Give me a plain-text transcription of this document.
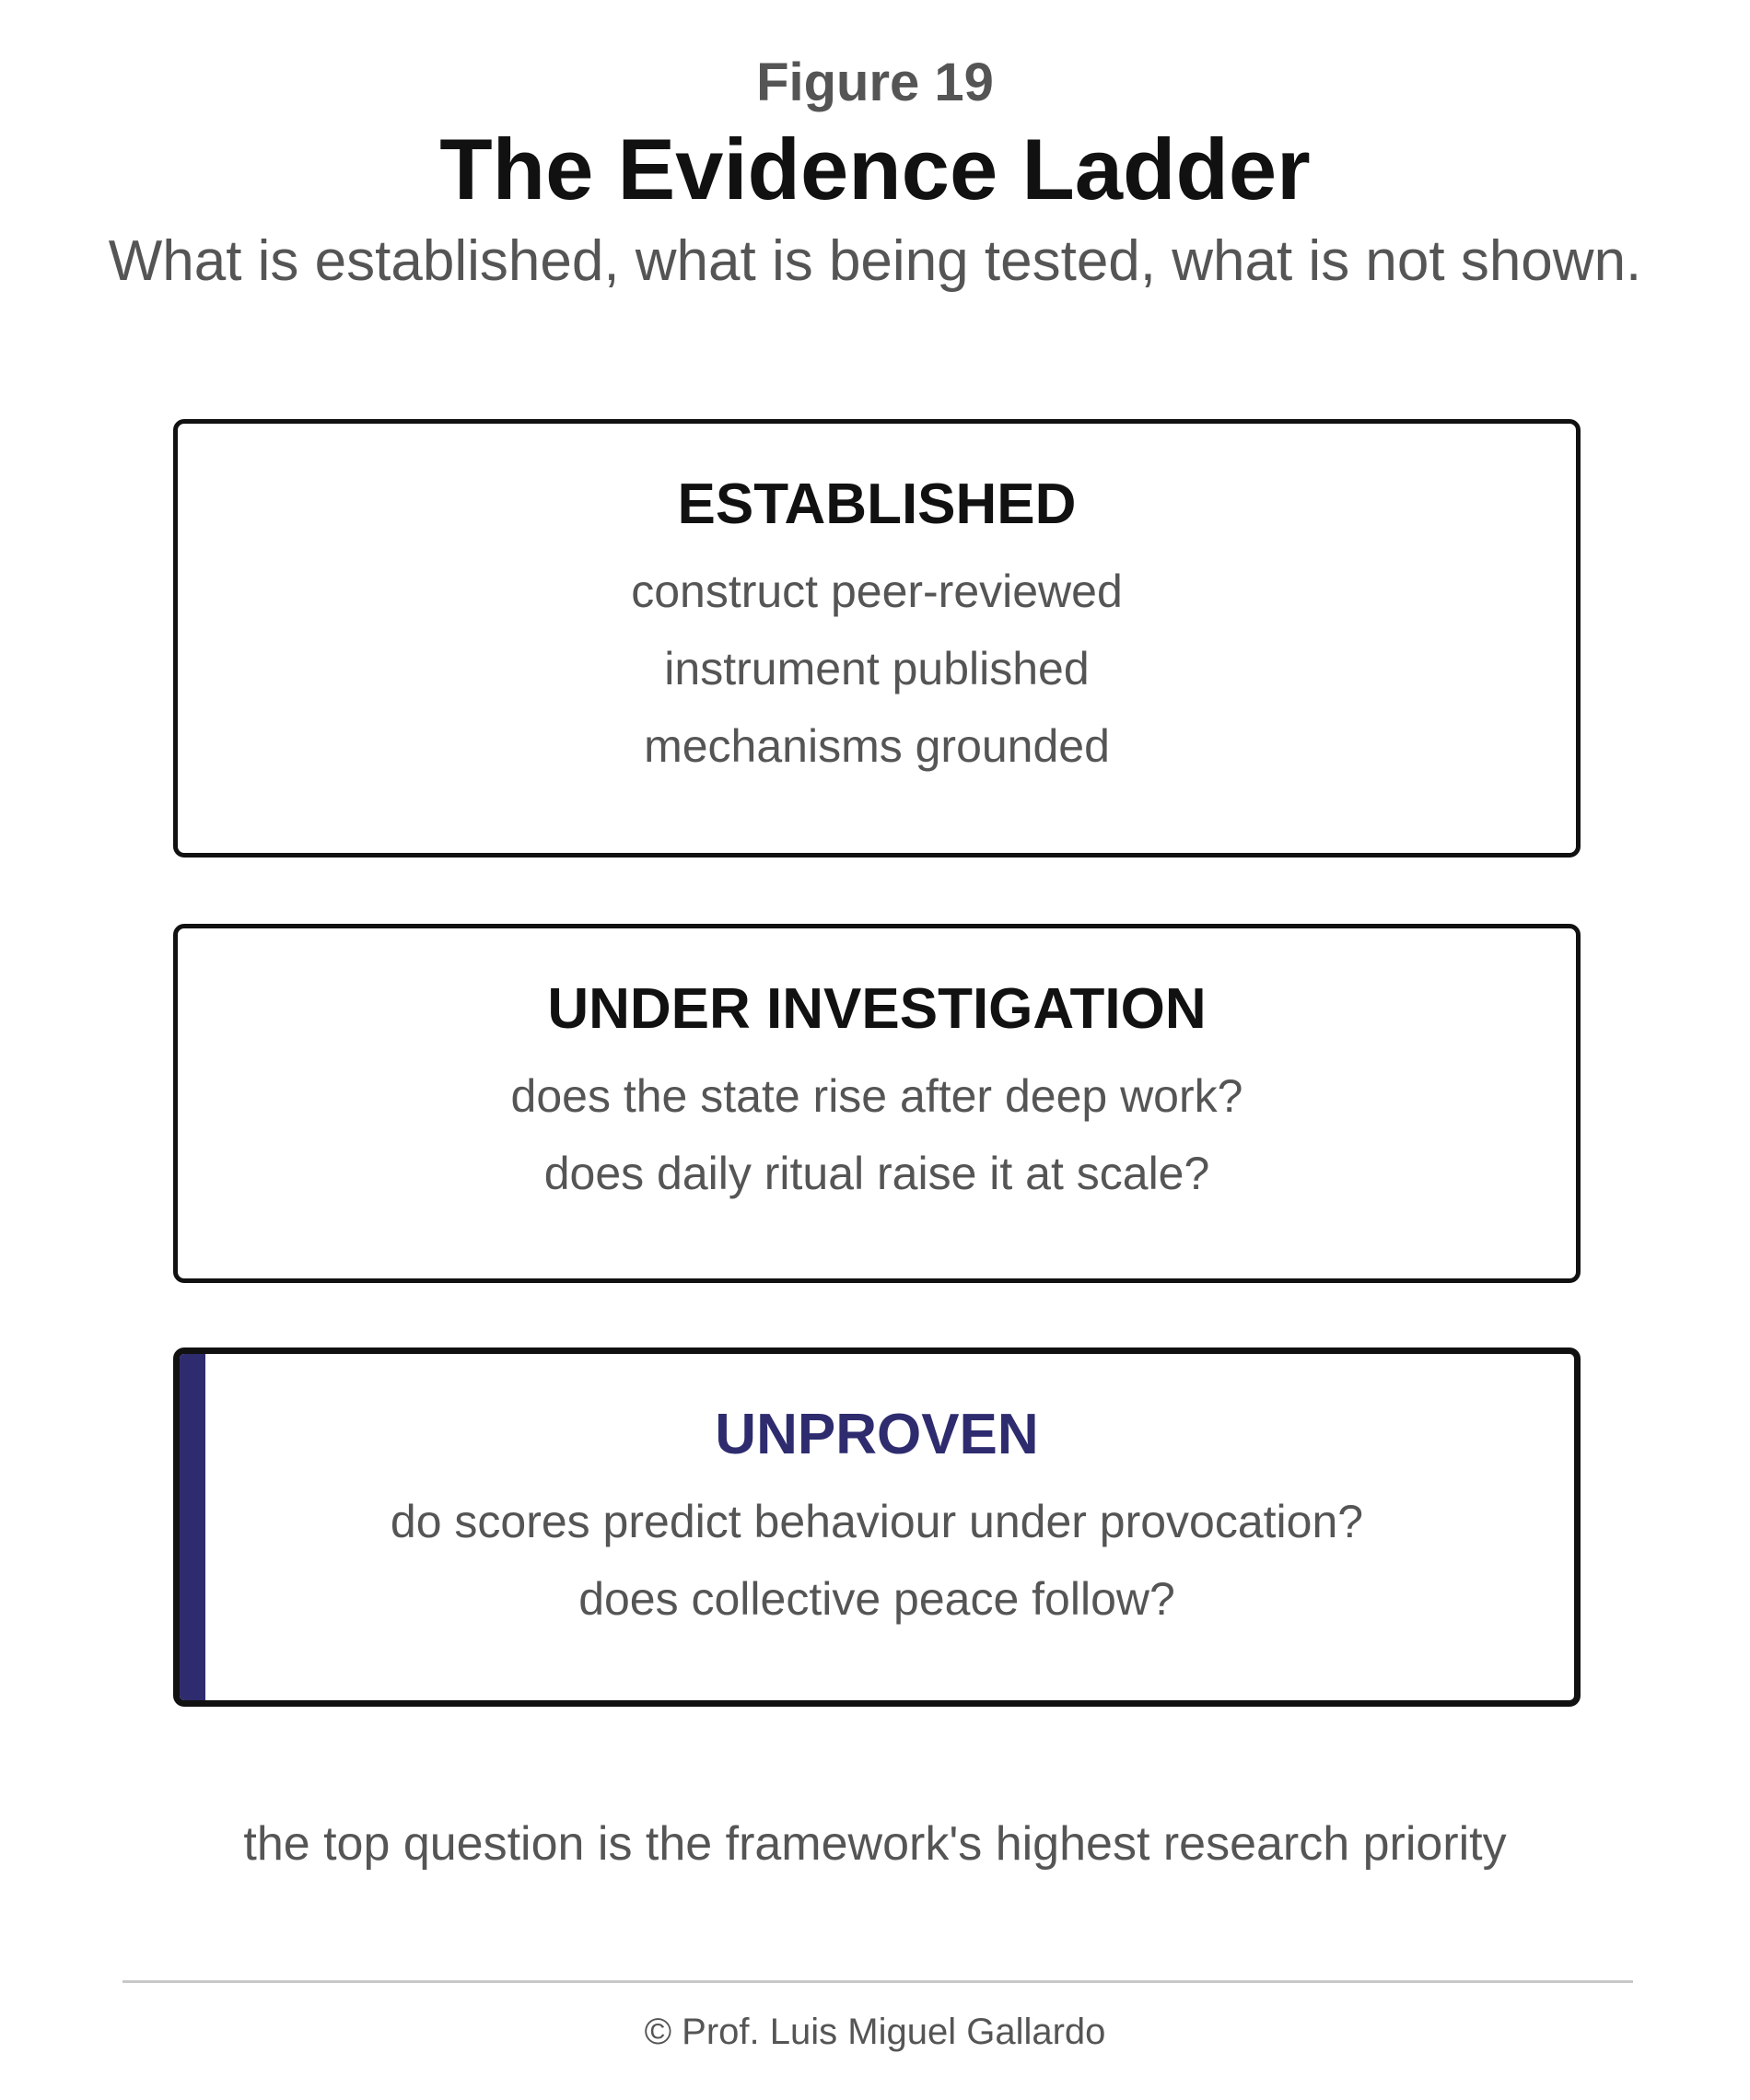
Figure 19
The Evidence Ladder
What is established, what is being tested, what is not shown.
ESTABLISHED
construct peer-reviewed
instrument published
mechanisms grounded
UNDER INVESTIGATION
does the state rise after deep work?
does daily ritual raise it at scale?
UNPROVEN
do scores predict behaviour under provocation?
does collective peace follow?
the top question is the framework's highest research priority
© Prof. Luis Miguel Gallardo
